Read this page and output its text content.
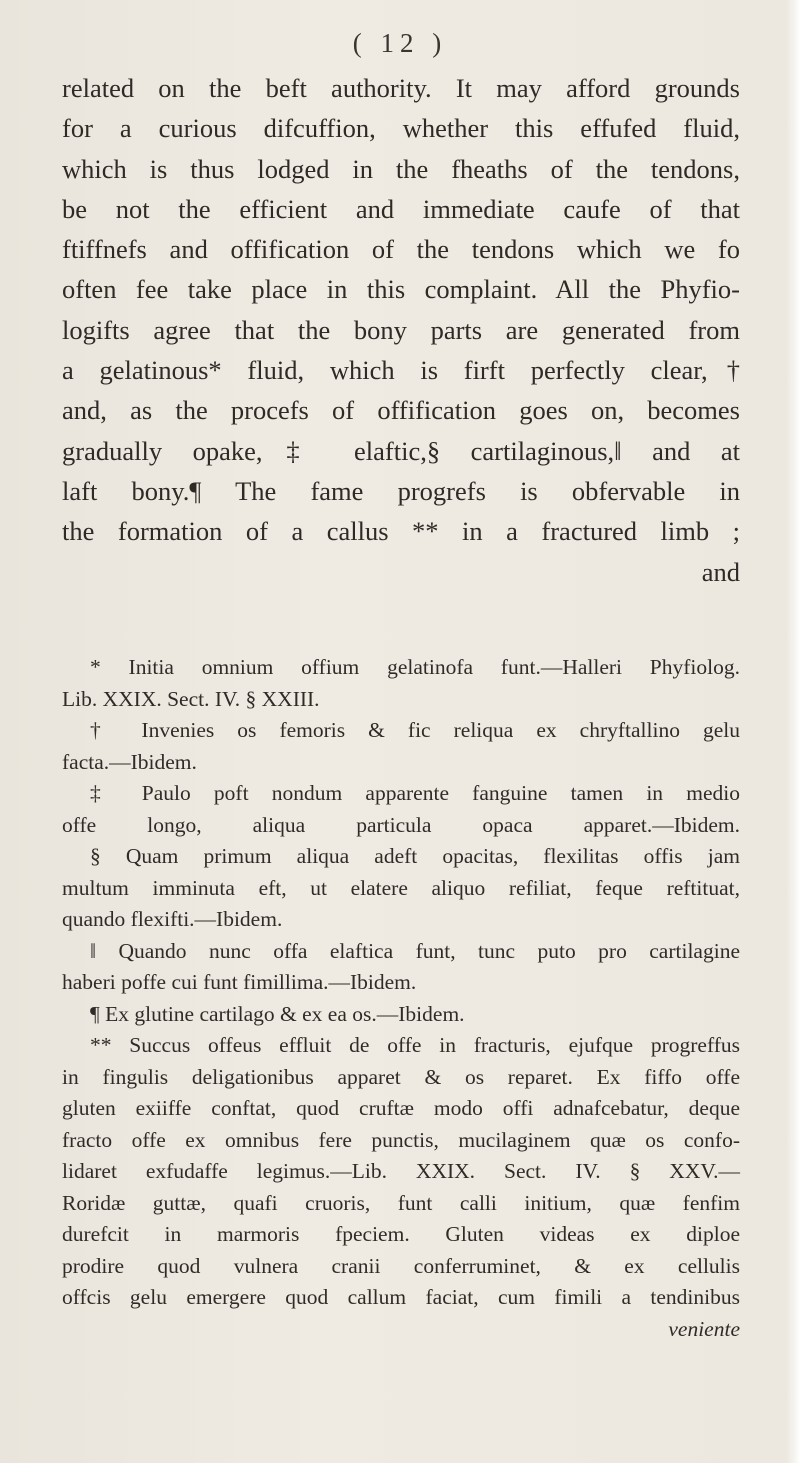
( 12 )
related on the beft authority. It may afford grounds
for a curious difcuffion, whether this effufed fluid,
which is thus lodged in the fheaths of the tendons,
be not the efficient and immediate caufe of that
ftiffnefs and offification of the tendons which we fo
often fee take place in this complaint. All the Phyfio-
logifts agree that the bony parts are generated from
a gelatinous* fluid, which is firft perfectly clear,†
and, as the procefs of offification goes on, becomes
gradually opake,‡ elaftic,§ cartilaginous,‖ and at
laft bony.¶ The fame progrefs is obfervable in
the formation of a callus ** in a fractured limb ;
and
* Initia omnium offium gelatinofa funt.—Halleri Phyfiolog.
Lib. XXIX. Sect. IV. § XXIII.
† Invenies os femoris & fic reliqua ex chryftallino gelu
facta.—Ibidem.
‡ Paulo poft nondum apparente fanguine tamen in medio
offe longo, aliqua particula opaca apparet.—Ibidem.
§ Quam primum aliqua adeft opacitas, flexilitas offis jam
multum imminuta eft, ut elatere aliquo refiliat, feque reftituat,
quando flexifti.—Ibidem.
‖ Quando nunc offa elaftica funt, tunc puto pro cartilagine
haberi poffe cui funt fimillima.—Ibidem.
¶ Ex glutine cartilago & ex ea os.—Ibidem.
** Succus offeus effluit de offe in fracturis, ejufque progreffus
in fingulis deligationibus apparet & os reparet. Ex fiffo offe
gluten exiiffe conftat, quod cruftæ modo offi adnafcebatur, deque
fracto offe ex omnibus fere punctis, mucilaginem quæ os confo-
lidaret exfudaffe legimus.—Lib. XXIX. Sect. IV. § XXV.—
Roridæ guttæ, quafi cruoris, funt calli initium, quæ fenfim
durefcit in marmoris fpeciem. Gluten videas ex diploe
prodire quod vulnera cranii conferruminet, & ex cellulis
offcis gelu emergere quod callum faciat, cum fimili a tendinibus
veniente
